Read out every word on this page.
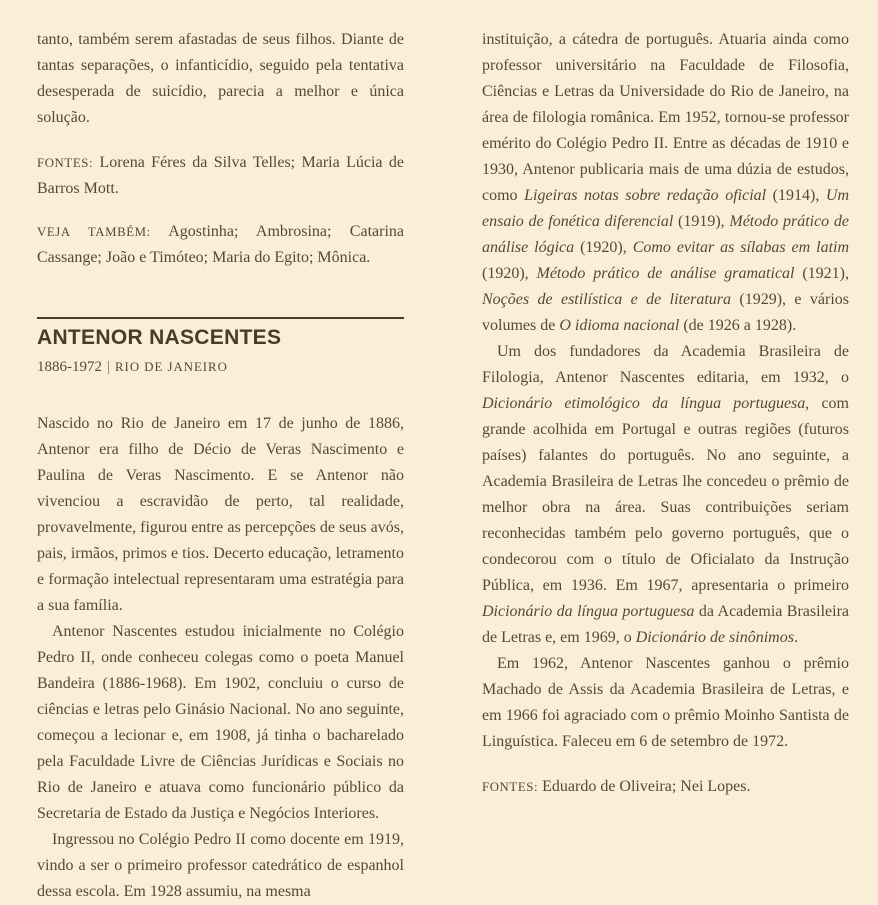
tanto, também serem afastadas de seus filhos. Diante de tantas separações, o infanticídio, seguido pela tentativa desesperada de suicídio, parecia a melhor e única solução.

FONTES: Lorena Féres da Silva Telles; Maria Lúcia de Barros Mott.

VEJA TAMBÉM: Agostinha; Ambrosina; Catarina Cassange; João e Timóteo; Maria do Egito; Mônica.

ANTENOR NASCENTES
1886-1972 | RIO DE JANEIRO

Nascido no Rio de Janeiro em 17 de junho de 1886, Antenor era filho de Décio de Veras Nascimento e Paulina de Veras Nascimento. E se Antenor não vivenciou a escravidão de perto, tal realidade, provavelmente, figurou entre as percepções de seus avós, pais, irmãos, primos e tios. Decerto educação, letramento e formação intelectual representaram uma estratégia para a sua família.

Antenor Nascentes estudou inicialmente no Colégio Pedro II, onde conheceu colegas como o poeta Manuel Bandeira (1886-1968). Em 1902, concluiu o curso de ciências e letras pelo Ginásio Nacional. No ano seguinte, começou a lecionar e, em 1908, já tinha o bacharelado pela Faculdade Livre de Ciências Jurídicas e Sociais no Rio de Janeiro e atuava como funcionário público da Secretaria de Estado da Justiça e Negócios Interiores.

Ingressou no Colégio Pedro II como docente em 1919, vindo a ser o primeiro professor catedrático de espanhol dessa escola. Em 1928 assumiu, na mesma

instituição, a cátedra de português. Atuaria ainda como professor universitário na Faculdade de Filosofia, Ciências e Letras da Universidade do Rio de Janeiro, na área de filologia românica. Em 1952, tornou-se professor emérito do Colégio Pedro II. Entre as décadas de 1910 e 1930, Antenor publicaria mais de uma dúzia de estudos, como Ligeiras notas sobre redação oficial (1914), Um ensaio de fonética diferencial (1919), Método prático de análise lógica (1920), Como evitar as sílabas em latim (1920), Método prático de análise gramatical (1921), Noções de estilística e de literatura (1929), e vários volumes de O idioma nacional (de 1926 a 1928).

Um dos fundadores da Academia Brasileira de Filologia, Antenor Nascentes editaria, em 1932, o Dicionário etimológico da língua portuguesa, com grande acolhida em Portugal e outras regiões (futuros países) falantes do português. No ano seguinte, a Academia Brasileira de Letras lhe concedeu o prêmio de melhor obra na área. Suas contribuições seriam reconhecidas também pelo governo português, que o condecorou com o título de Oficialato da Instrução Pública, em 1936. Em 1967, apresentaria o primeiro Dicionário da língua portuguesa da Academia Brasileira de Letras e, em 1969, o Dicionário de sinônimos.

Em 1962, Antenor Nascentes ganhou o prêmio Machado de Assis da Academia Brasileira de Letras, e em 1966 foi agraciado com o prêmio Moinho Santista de Linguística. Faleceu em 6 de setembro de 1972.

FONTES: Eduardo de Oliveira; Nei Lopes.
